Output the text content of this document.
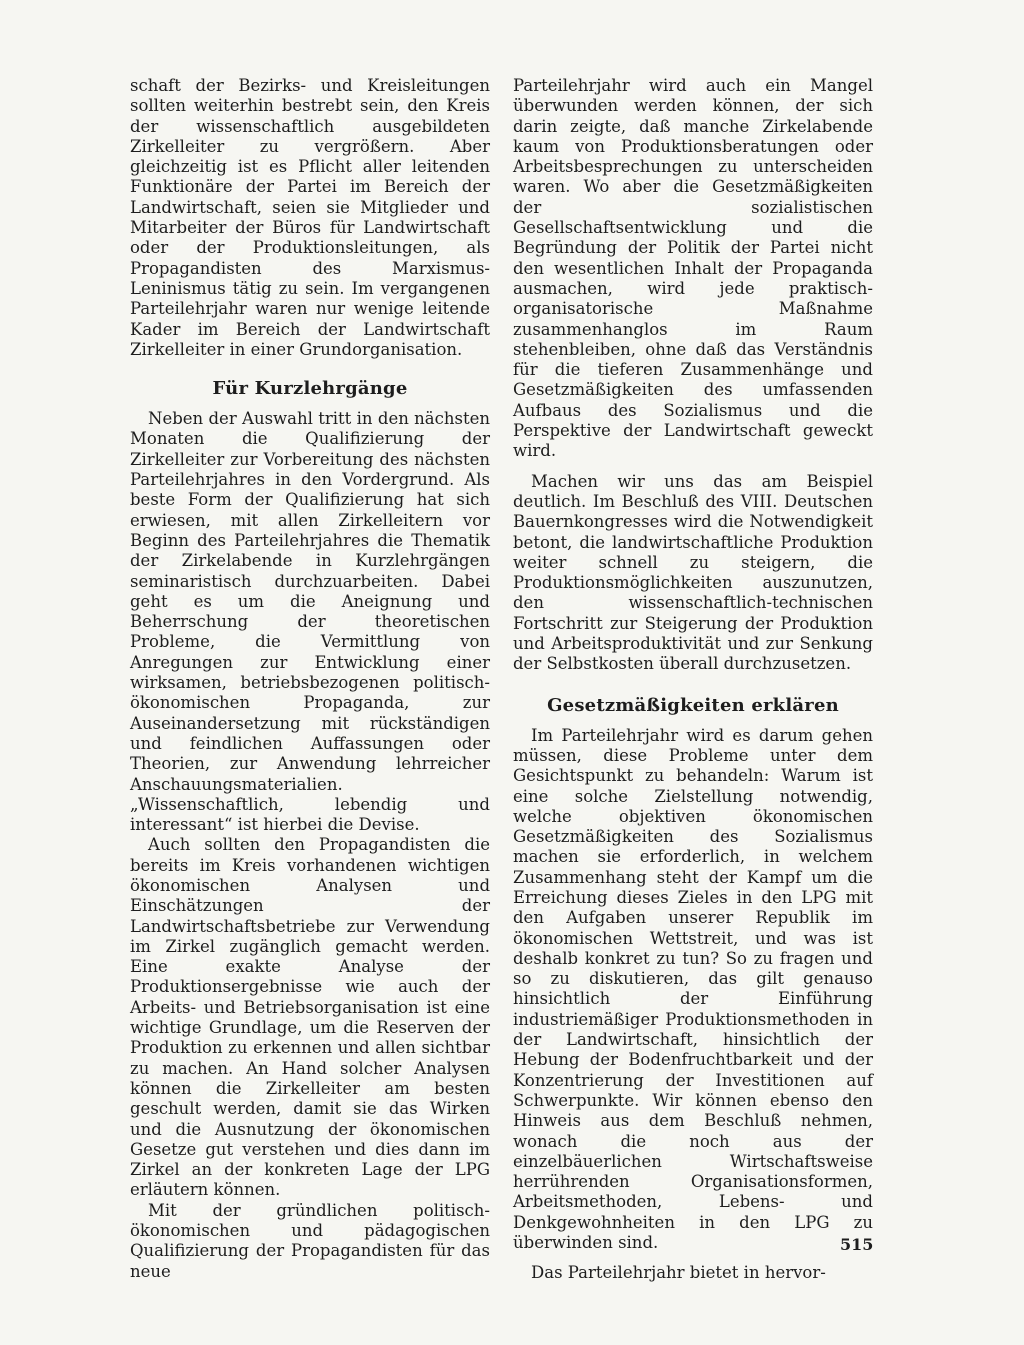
schaft der Bezirks- und Kreisleitungen sollten weiterhin bestrebt sein, den Kreis der wissenschaftlich ausgebildeten Zirkelleiter zu vergrößern. Aber gleichzeitig ist es Pflicht aller leitenden Funktionäre der Partei im Bereich der Landwirtschaft, seien sie Mitglieder und Mitarbeiter der Büros für Landwirtschaft oder der Produktionsleitungen, als Propagandisten des Marxismus-Leninismus tätig zu sein. Im vergangenen Parteilehrjahr waren nur wenige leitende Kader im Bereich der Landwirtschaft Zirkelleiter in einer Grundorganisation.

Für Kurzlehrgänge

Neben der Auswahl tritt in den nächsten Monaten die Qualifizierung der Zirkelleiter zur Vorbereitung des nächsten Parteilehrjahres in den Vordergrund. Als beste Form der Qualifizierung hat sich erwiesen, mit allen Zirkelleitern vor Beginn des Parteilehrjahres die Thematik der Zirkelabende in Kurzlehrgängen seminaristisch durchzuarbeiten. Dabei geht es um die Aneignung und Beherrschung der theoretischen Probleme, die Vermittlung von Anregungen zur Entwicklung einer wirksamen, betriebsbezogenen politisch-ökonomischen Propaganda, zur Auseinandersetzung mit rückständigen und feindlichen Auffassungen oder Theorien, zur Anwendung lehrreicher Anschauungsmaterialien. „Wissenschaftlich, lebendig und interessant“ ist hierbei die Devise.

Auch sollten den Propagandisten die bereits im Kreis vorhandenen wichtigen ökonomischen Analysen und Einschätzungen der Landwirtschaftsbetriebe zur Verwendung im Zirkel zugänglich gemacht werden. Eine exakte Analyse der Produktionsergebnisse wie auch der Arbeits- und Betriebsorganisation ist eine wichtige Grundlage, um die Reserven der Produktion zu erkennen und allen sichtbar zu machen. An Hand solcher Analysen können die Zirkelleiter am besten geschult werden, damit sie das Wirken und die Ausnutzung der ökonomischen Gesetze gut verstehen und dies dann im Zirkel an der konkreten Lage der LPG erläutern können.

Mit der gründlichen politisch-ökonomischen und pädagogischen Qualifizierung der Propagandisten für das neue

Parteilehrjahr wird auch ein Mangel überwunden werden können, der sich darin zeigte, daß manche Zirkelabende kaum von Produktionsberatungen oder Arbeitsbesprechungen zu unterscheiden waren. Wo aber die Gesetzmäßigkeiten der sozialistischen Gesellschaftsentwicklung und die Begründung der Politik der Partei nicht den wesentlichen Inhalt der Propaganda ausmachen, wird jede praktisch-organisatorische Maßnahme zusammenhanglos im Raum stehenbleiben, ohne daß das Verständnis für die tieferen Zusammenhänge und Gesetzmäßigkeiten des umfassenden Aufbaus des Sozialismus und die Perspektive der Landwirtschaft geweckt wird.

Machen wir uns das am Beispiel deutlich. Im Beschluß des VIII. Deutschen Bauernkongresses wird die Notwendigkeit betont, die landwirtschaftliche Produktion weiter schnell zu steigern, die Produktionsmöglichkeiten auszunutzen, den wissenschaftlich-technischen Fortschritt zur Steigerung der Produktion und Arbeitsproduktivität und zur Senkung der Selbstkosten überall durchzusetzen.

Gesetzmäßigkeiten erklären

Im Parteilehrjahr wird es darum gehen müssen, diese Probleme unter dem Gesichtspunkt zu behandeln: Warum ist eine solche Zielstellung notwendig, welche objektiven ökonomischen Gesetzmäßigkeiten des Sozialismus machen sie erforderlich, in welchem Zusammenhang steht der Kampf um die Erreichung dieses Zieles in den LPG mit den Aufgaben unserer Republik im ökonomischen Wettstreit, und was ist deshalb konkret zu tun? So zu fragen und so zu diskutieren, das gilt genauso hinsichtlich der Einführung industriemäßiger Produktionsmethoden in der Landwirtschaft, hinsichtlich der Hebung der Bodenfruchtbarkeit und der Konzentrierung der Investitionen auf Schwerpunkte. Wir können ebenso den Hinweis aus dem Beschluß nehmen, wonach die noch aus der einzelbäuerlichen Wirtschaftsweise herrührenden Organisationsformen, Arbeitsmethoden, Lebens- und Denkgewohnheiten in den LPG zu überwinden sind.

Das Parteilehrjahr bietet in hervor-

515
